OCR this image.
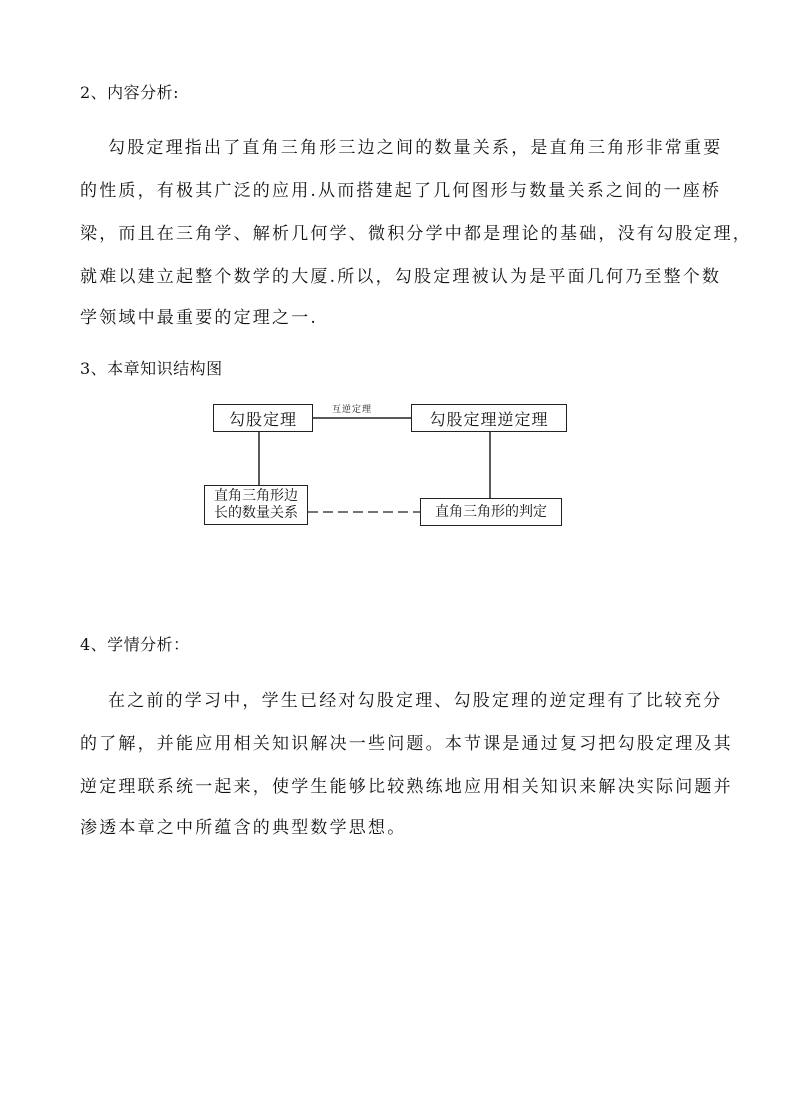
2、内容分析:
勾股定理指出了直角三角形三边之间的数量关系，是直角三角形非常重要
的性质，有极其广泛的应用.从而搭建起了几何图形与数量关系之间的一座桥
梁，而且在三角学、解析几何学、微积分学中都是理论的基础，没有勾股定理，
就难以建立起整个数学的大厦.所以，勾股定理被认为是平面几何乃至整个数
学领域中最重要的定理之一.
3、本章知识结构图
勾股定理	互逆定理	勾股定理逆定理
直角三角形边
长的数量关系	直角三角形的判定
4、学情分析：
在之前的学习中，学生已经对勾股定理、勾股定理的逆定理有了比较充分
的了解，并能应用相关知识解决一些问题。本节课是通过复习把勾股定理及其
逆定理联系统一起来，使学生能够比较熟练地应用相关知识来解决实际问题并
渗透本章之中所蕴含的典型数学思想。
